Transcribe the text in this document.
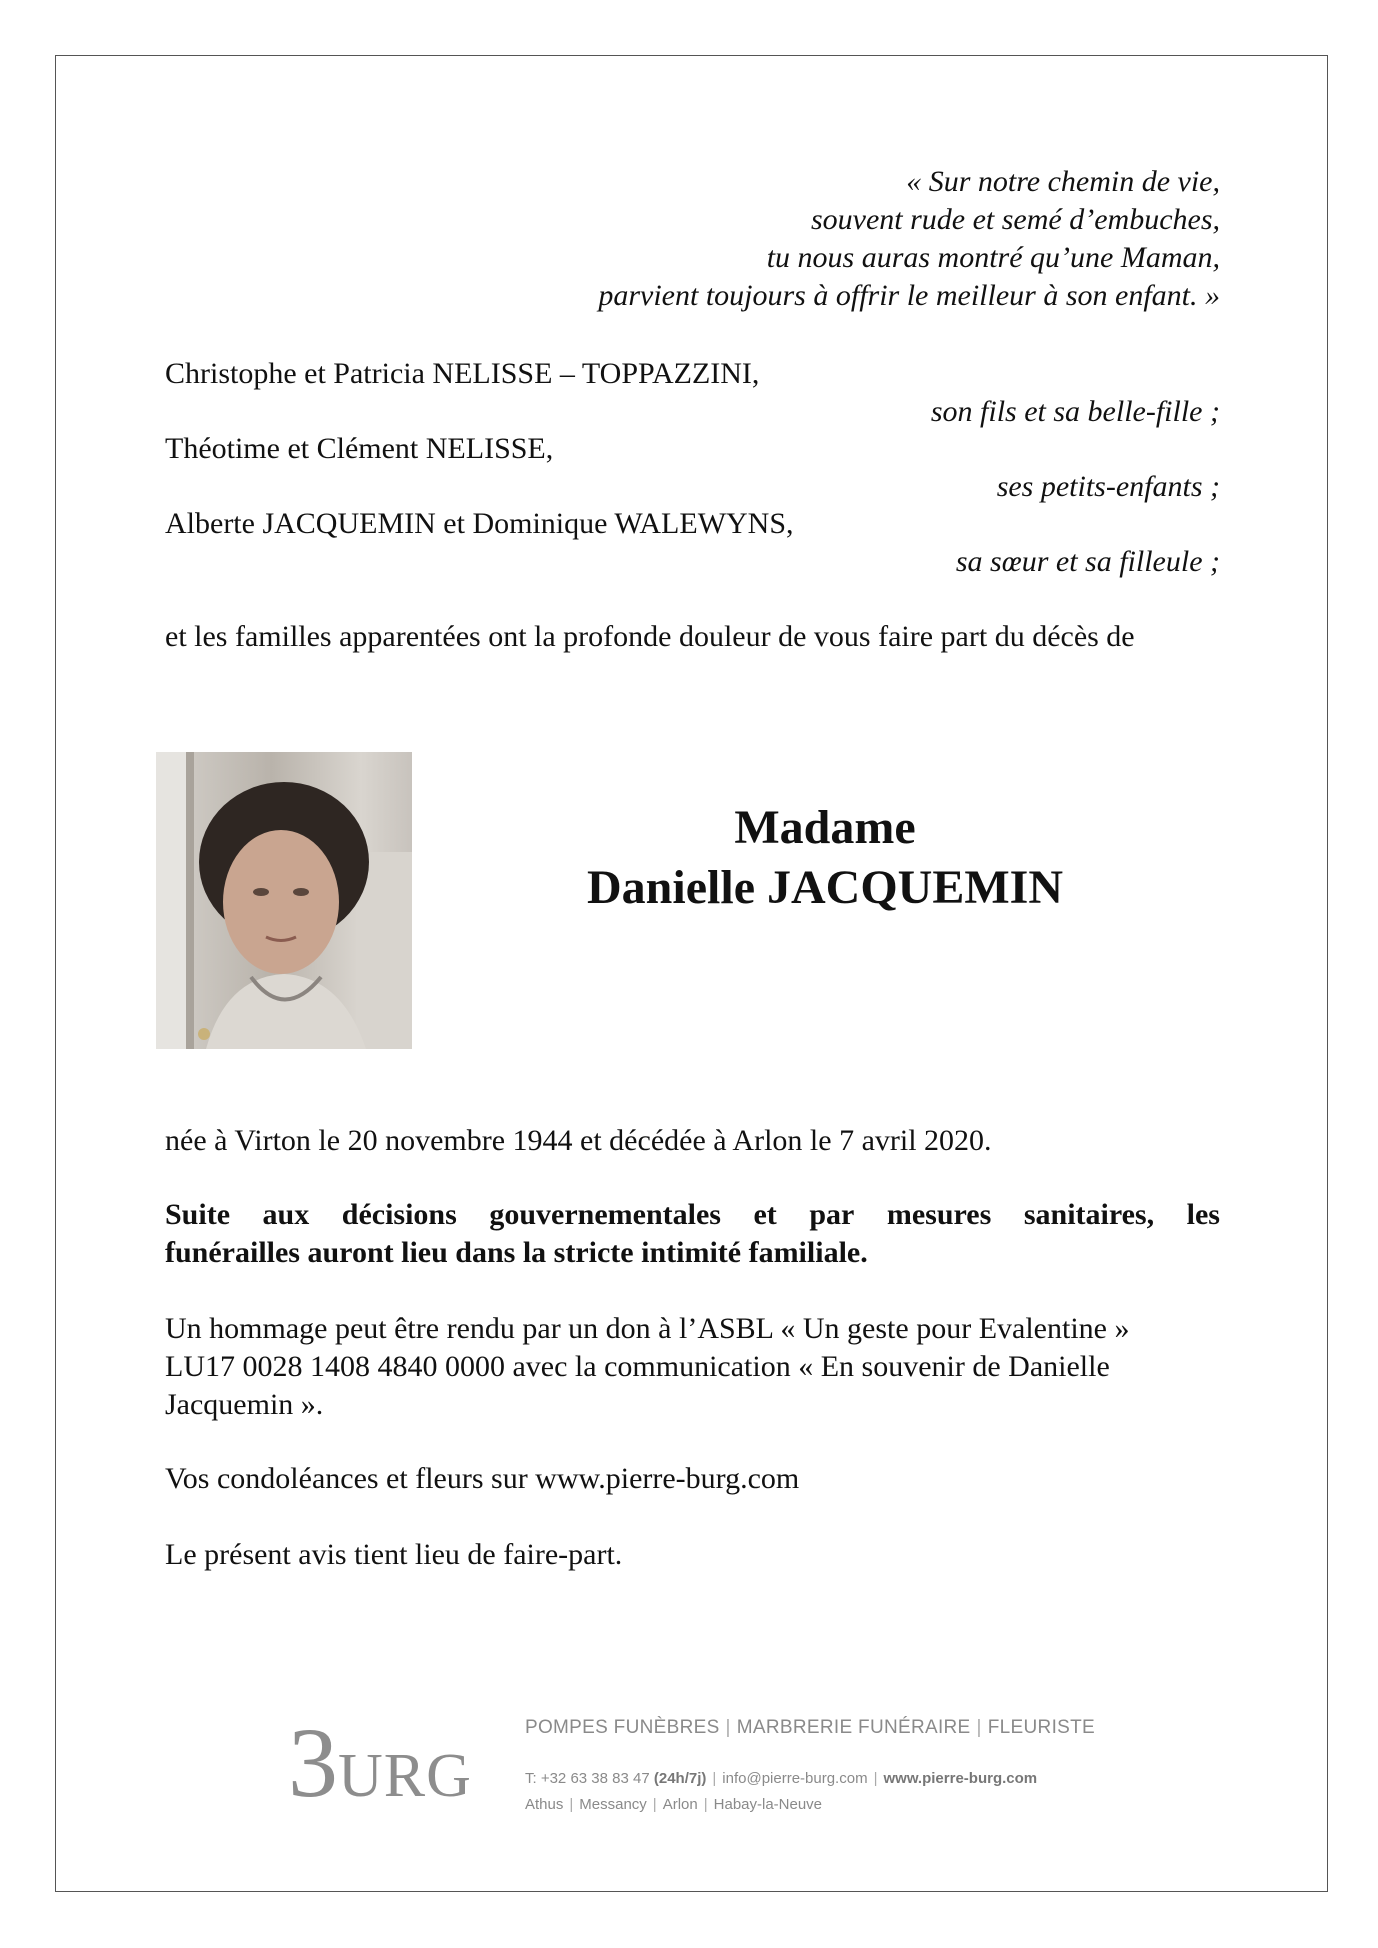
« Sur notre chemin de vie,
souvent rude et semé d’embuches,
tu nous auras montré qu’une Maman,
parvient toujours à offrir le meilleur à son enfant. »
Christophe et Patricia NELISSE – TOPPAZZINI,
son fils et sa belle-fille ;
Théotime et Clément NELISSE,
ses petits-enfants ;
Alberte JACQUEMIN et Dominique WALEWYNS,
sa sœur et sa filleule ;
et les familles apparentées ont la profonde douleur de vous faire part du décès de
Madame
Danielle JACQUEMIN
née à Virton le 20 novembre 1944 et décédée à Arlon le 7 avril 2020.
Suite aux décisions gouvernementales et par mesures sanitaires, les
funérailles auront lieu dans la stricte intimité familiale.
Un hommage peut être rendu par un don à l’ASBL « Un geste pour Evalentine »
LU17 0028 1408 4840 0000 avec la communication « En souvenir de Danielle
Jacquemin ».
Vos condoléances et fleurs sur www.pierre-burg.com
Le présent avis tient lieu de faire-part.
3 URG
POMPES FUNÈBRES | MARBRERIE FUNÉRAIRE | FLEURISTE
T: +32 63 38 83 47 (24h/7j) | info@pierre-burg.com | www.pierre-burg.com
Athus | Messancy | Arlon | Habay-la-Neuve
